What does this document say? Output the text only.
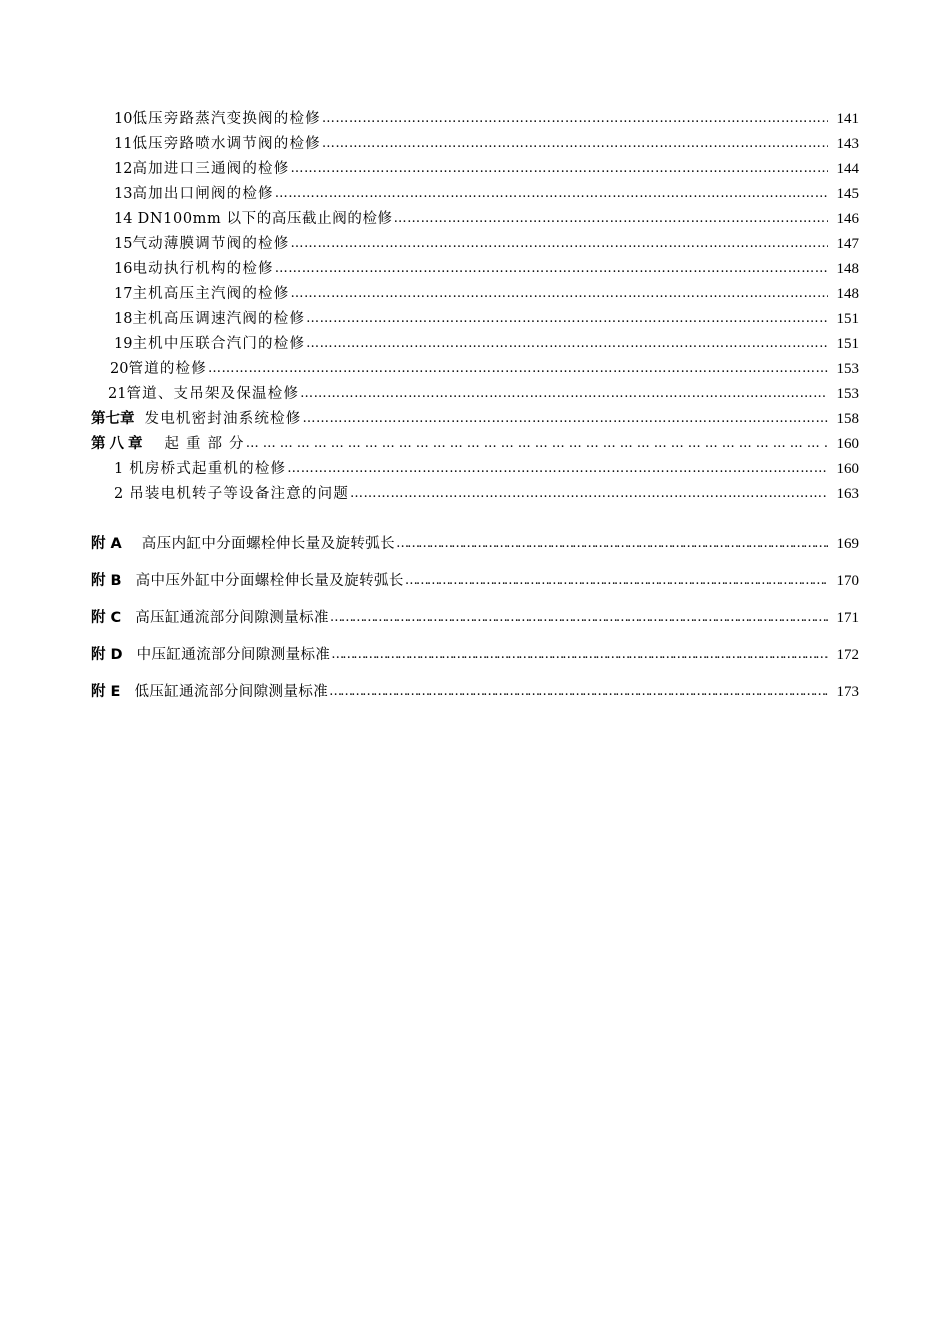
10 低压旁路蒸汽变换阀的检修 ………………………………………………………………………………………………………………………………………………………………………………………………	141
11 低压旁路喷水调节阀的检修 ………………………………………………………………………………………………………………………………………………………………………………………………	143
12 高加进口三通阀的检修 ………………………………………………………………………………………………………………………………………………………………………………………………	144
13 高加出口闸阀的检修 ………………………………………………………………………………………………………………………………………………………………………………………………	145
14 DN100mm 以下的高压截止阀的检修 ………………………………………………………………………………………………………………………………………………………………………………………………	146
15 气动薄膜调节阀的检修 ………………………………………………………………………………………………………………………………………………………………………………………………	147
16 电动执行机构的检修 ………………………………………………………………………………………………………………………………………………………………………………………………	148
17 主机高压主汽阀的检修 ………………………………………………………………………………………………………………………………………………………………………………………………	148
18 主机高压调速汽阀的检修 ………………………………………………………………………………………………………………………………………………………………………………………………	151
19 主机中压联合汽门的检修 ………………………………………………………………………………………………………………………………………………………………………………………………	151
20 管道的检修 ………………………………………………………………………………………………………………………………………………………………………………………………	153
21 管道、支吊架及保温检修 ………………………………………………………………………………………………………………………………………………………………………………………………	153
第七章 发电机密封油系统检修 ………………………………………………………………………………………………………………………………………………………………………………………………	158
第八章 起 重 部 分 ………………………………………………………………………………………………………………………………………………………………………………………………	160
1 机房桥式起重机的检修 ………………………………………………………………………………………………………………………………………………………………………………………………	160
2 吊装电机转子等设备注意的问题 ………………………………………………………………………………………………………………………………………………………………………………………………	163
附 A 高压内缸中分面螺栓伸长量及旋转弧长 ……………………………………………………………………………………………………………………………………………………………………………………………………………………	169
附 B 高中压外缸中分面螺栓伸长量及旋转弧长 ……………………………………………………………………………………………………………………………………………………………………………………………………………………	170
附 C 高压缸通流部分间隙测量标准 ……………………………………………………………………………………………………………………………………………………………………………………………………………………	171
附 D 中压缸通流部分间隙测量标准 ……………………………………………………………………………………………………………………………………………………………………………………………………………………	172
附 E 低压缸通流部分间隙测量标准 ……………………………………………………………………………………………………………………………………………………………………………………………………………………	173
